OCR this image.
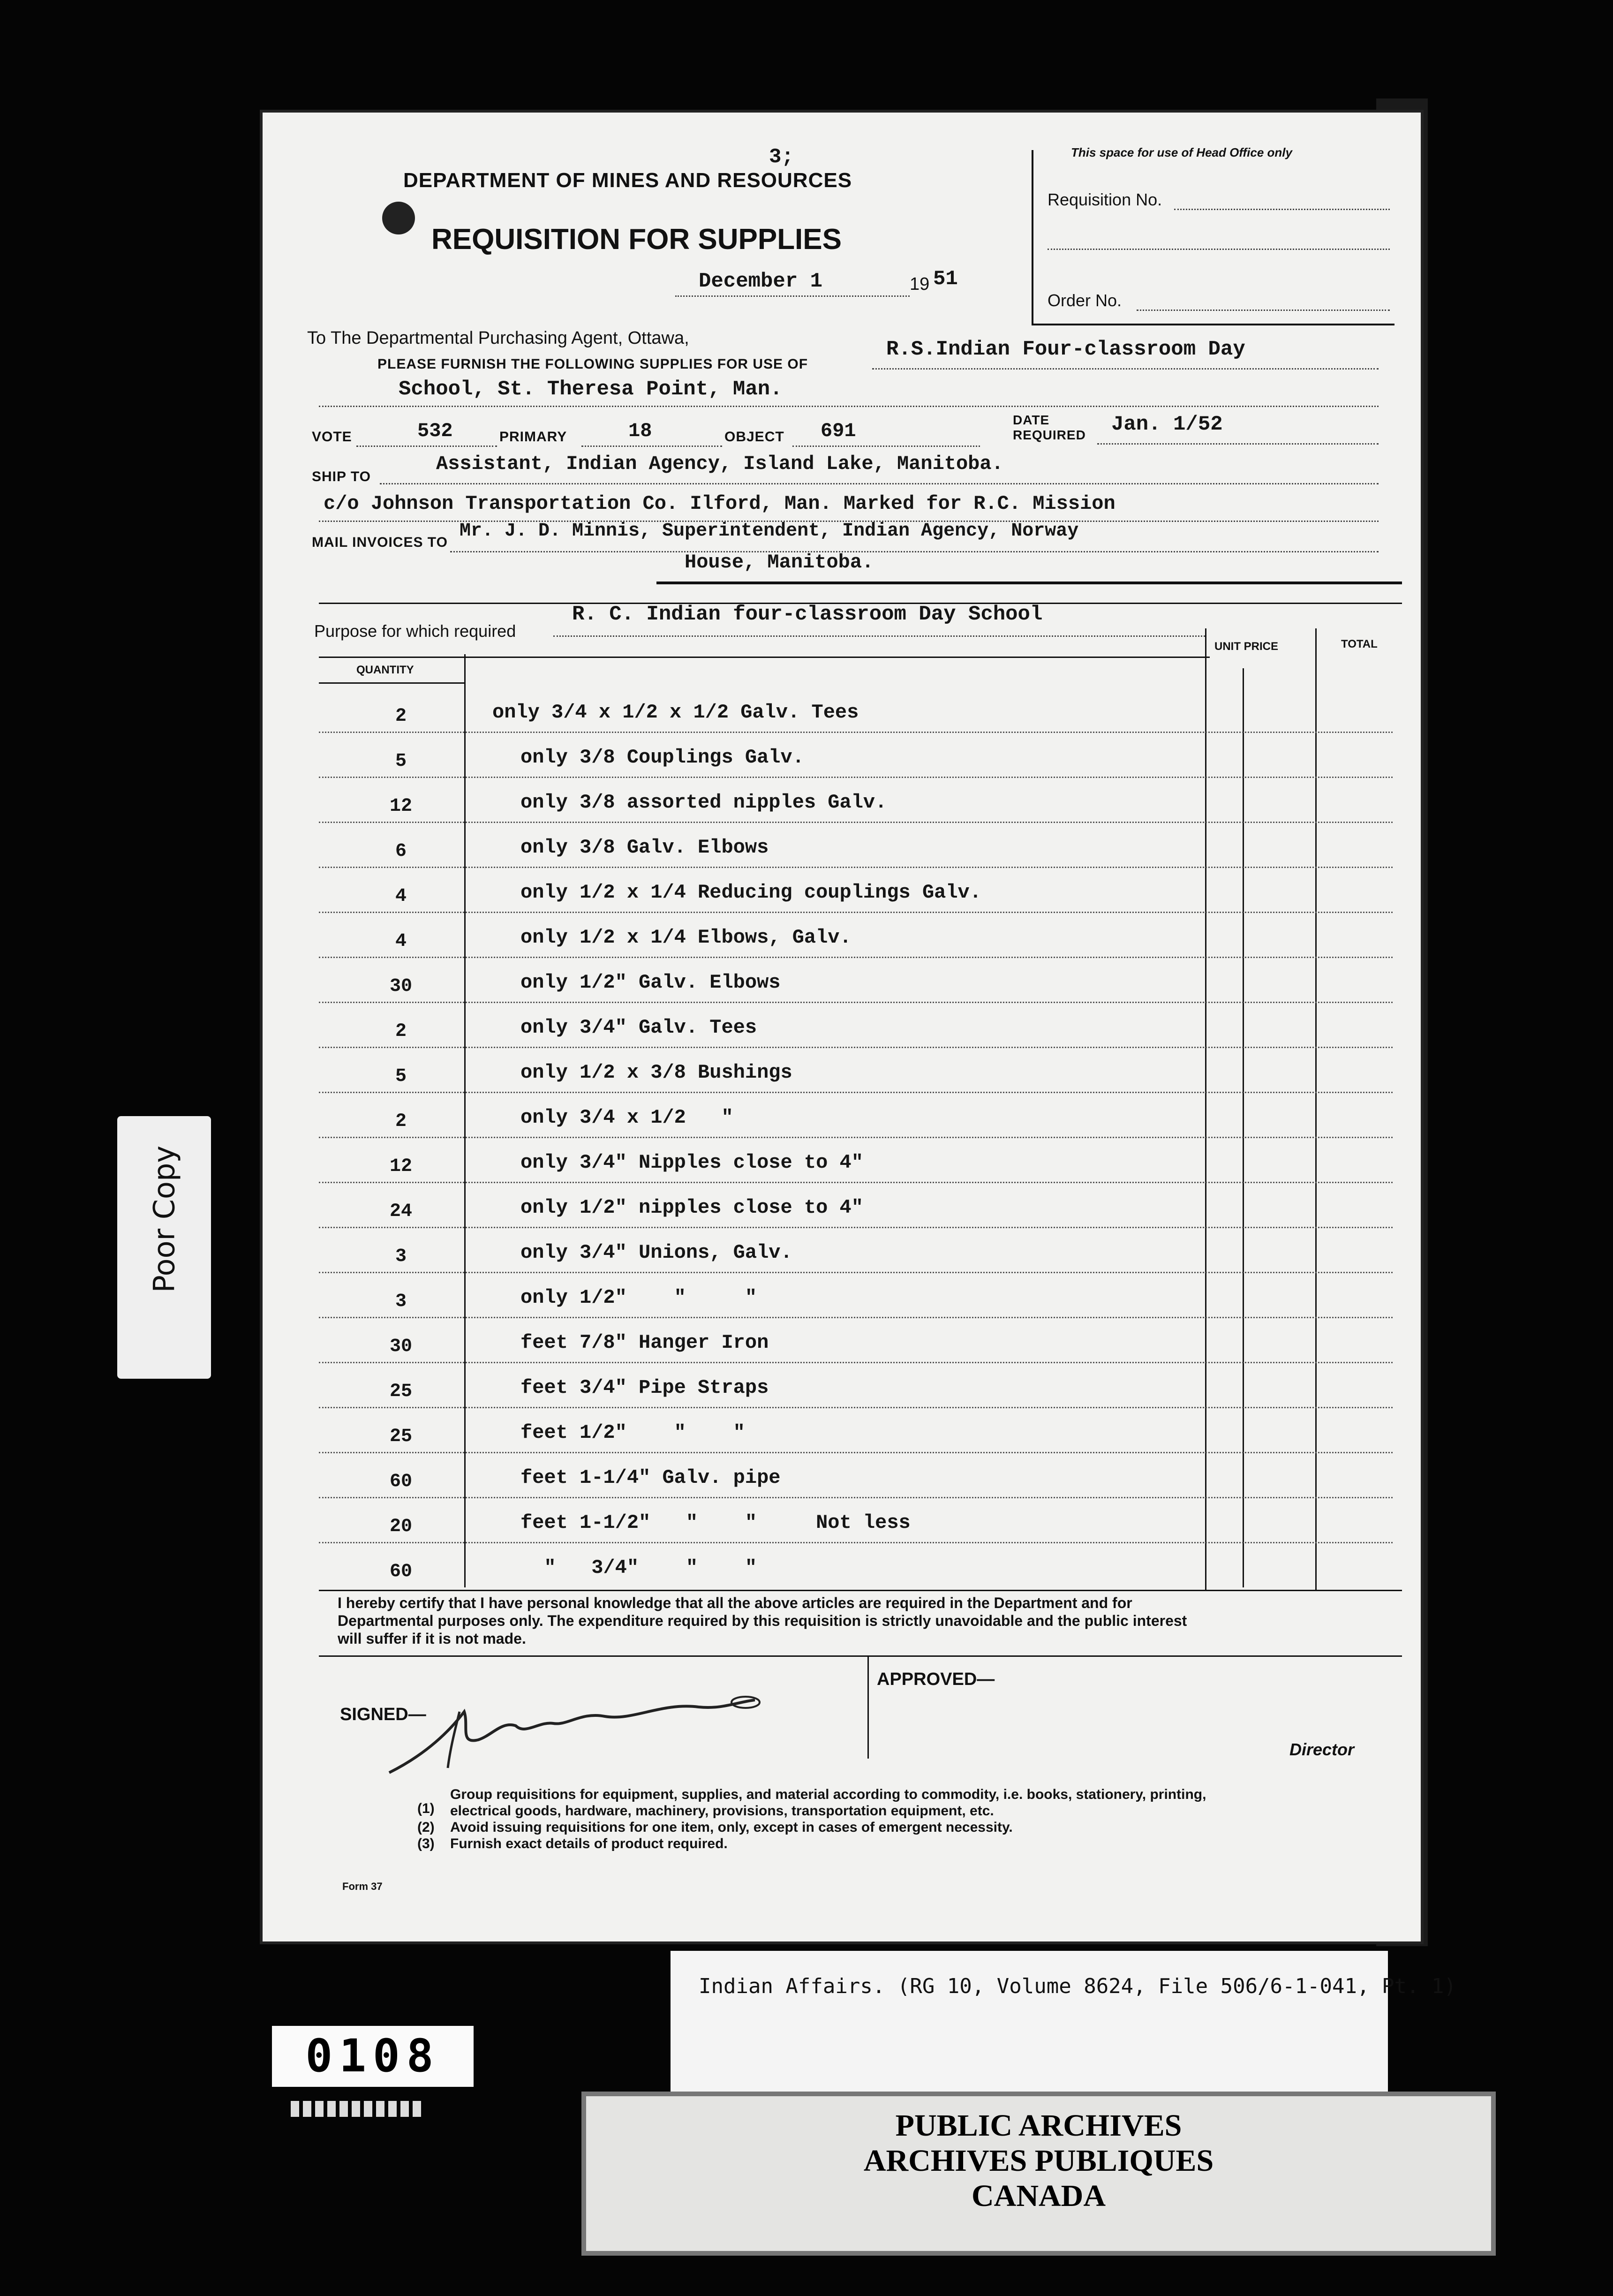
3;
DEPARTMENT OF MINES AND RESOURCES
REQUISITION FOR SUPPLIES
December 1	19 51
This space for use of Head Office only
Requisition No.
Order No.
To The Departmental Purchasing Agent, Ottawa,
PLEASE FURNISH THE FOLLOWING SUPPLIES FOR USE OF
R.S.Indian Four-classroom Day
School, St. Theresa Point, Man.
VOTE	532	PRIMARY	18	OBJECT 691	DATE
REQUIRED Jan. 1/52
SHIP TO
Assistant, Indian Agency, Island Lake, Manitoba.
c/o Johnson Transportation Co. Ilford, Man. Marked for R.C. Mission
MAIL INVOICES TO
Mr. J. D. Minnis, Superintendent, Indian Agency, Norway
House, Manitoba.
Purpose for which required
R. C. Indian four-classroom Day School
QUANTITY
UNIT PRICE	TOTAL
2	only 3/4 x 1/2 x 1/2 Galv. Tees
5	only 3/8 Couplings Galv.
12	only 3/8 assorted nipples Galv.
6	only 3/8 Galv. Elbows
4	only 1/2 x 1/4 Reducing couplings Galv.
4	only 1/2 x 1/4 Elbows, Galv.
30	only 1/2" Galv. Elbows
2	only 3/4" Galv. Tees
5	only 1/2 x 3/8 Bushings
2	only 3/4 x 1/2   "
12	only 3/4" Nipples close to 4"
24	only 1/2" nipples close to 4"
3	only 3/4" Unions, Galv.
3	only 1/2"    "     "
30	feet 7/8" Hanger Iron
25	feet 3/4" Pipe Straps
25	feet 1/2"    "    "
60	feet 1-1/4" Galv. pipe
20	feet 1-1/2"   "    "     Not less
60	"   3/4"    "    "
I hereby certify that I have personal knowledge that all the above articles are required in the Department and for
Departmental purposes only. The expenditure required by this requisition is strictly unavoidable and the public interest
will suffer if it is not made.
SIGNED—
APPROVED—
Director
(1)
Group requisitions for equipment, supplies, and material according to commodity, i.e. books, stationery, printing,
electrical goods, hardware, machinery, provisions, transportation equipment, etc.
(2) Avoid issuing requisitions for one item, only, except in cases of emergent necessity.
(3) Furnish exact details of product required.
Form 37
Poor Copy
0108
Indian Affairs. (RG 10, Volume 8624, File 506/6-1-041, Pt. 1)
PUBLIC ARCHIVES
ARCHIVES PUBLIQUES
CANADA
